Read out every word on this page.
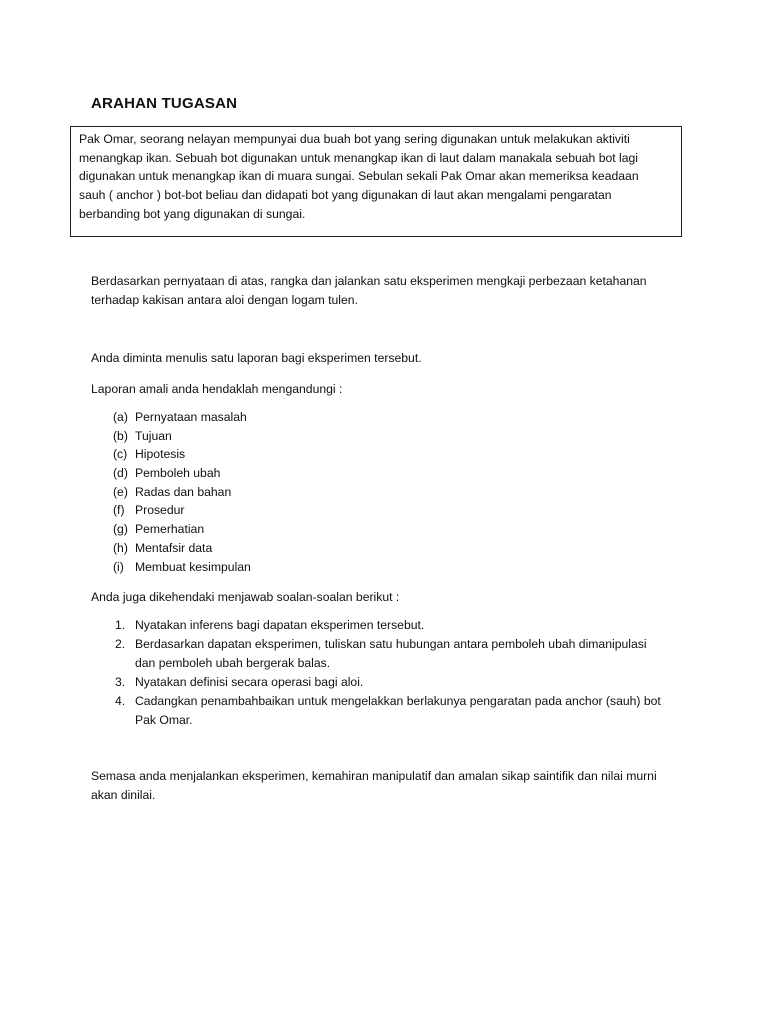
ARAHAN TUGASAN

Pak Omar, seorang nelayan mempunyai dua buah bot yang sering digunakan untuk melakukan aktiviti
menangkap ikan. Sebuah bot digunakan untuk menangkap ikan di laut dalam manakala sebuah bot lagi
digunakan untuk menangkap ikan di muara sungai. Sebulan sekali Pak Omar akan memeriksa keadaan
sauh ( anchor ) bot-bot beliau dan didapati bot yang digunakan di laut akan mengalami pengaratan
berbanding bot yang digunakan di sungai.

Berdasarkan pernyataan di atas, rangka dan jalankan satu eksperimen mengkaji perbezaan ketahanan
terhadap kakisan antara aloi dengan logam tulen.

Anda diminta menulis satu laporan bagi eksperimen tersebut.

Laporan amali anda hendaklah mengandungi :

(a) Pernyataan masalah
(b) Tujuan
(c) Hipotesis
(d) Pemboleh ubah
(e) Radas dan bahan
(f) Prosedur
(g) Pemerhatian
(h) Mentafsir data
(i) Membuat kesimpulan

Anda juga dikehendaki menjawab soalan-soalan berikut :

1. Nyatakan inferens bagi dapatan eksperimen tersebut.
2. Berdasarkan dapatan eksperimen, tuliskan satu hubungan antara pemboleh ubah dimanipulasi
dan pemboleh ubah bergerak balas.
3. Nyatakan definisi secara operasi bagi aloi.
4. Cadangkan penambahbaikan untuk mengelakkan berlakunya pengaratan pada anchor (sauh) bot
Pak Omar.

Semasa anda menjalankan eksperimen, kemahiran manipulatif dan amalan sikap saintifik dan nilai murni
akan dinilai.
